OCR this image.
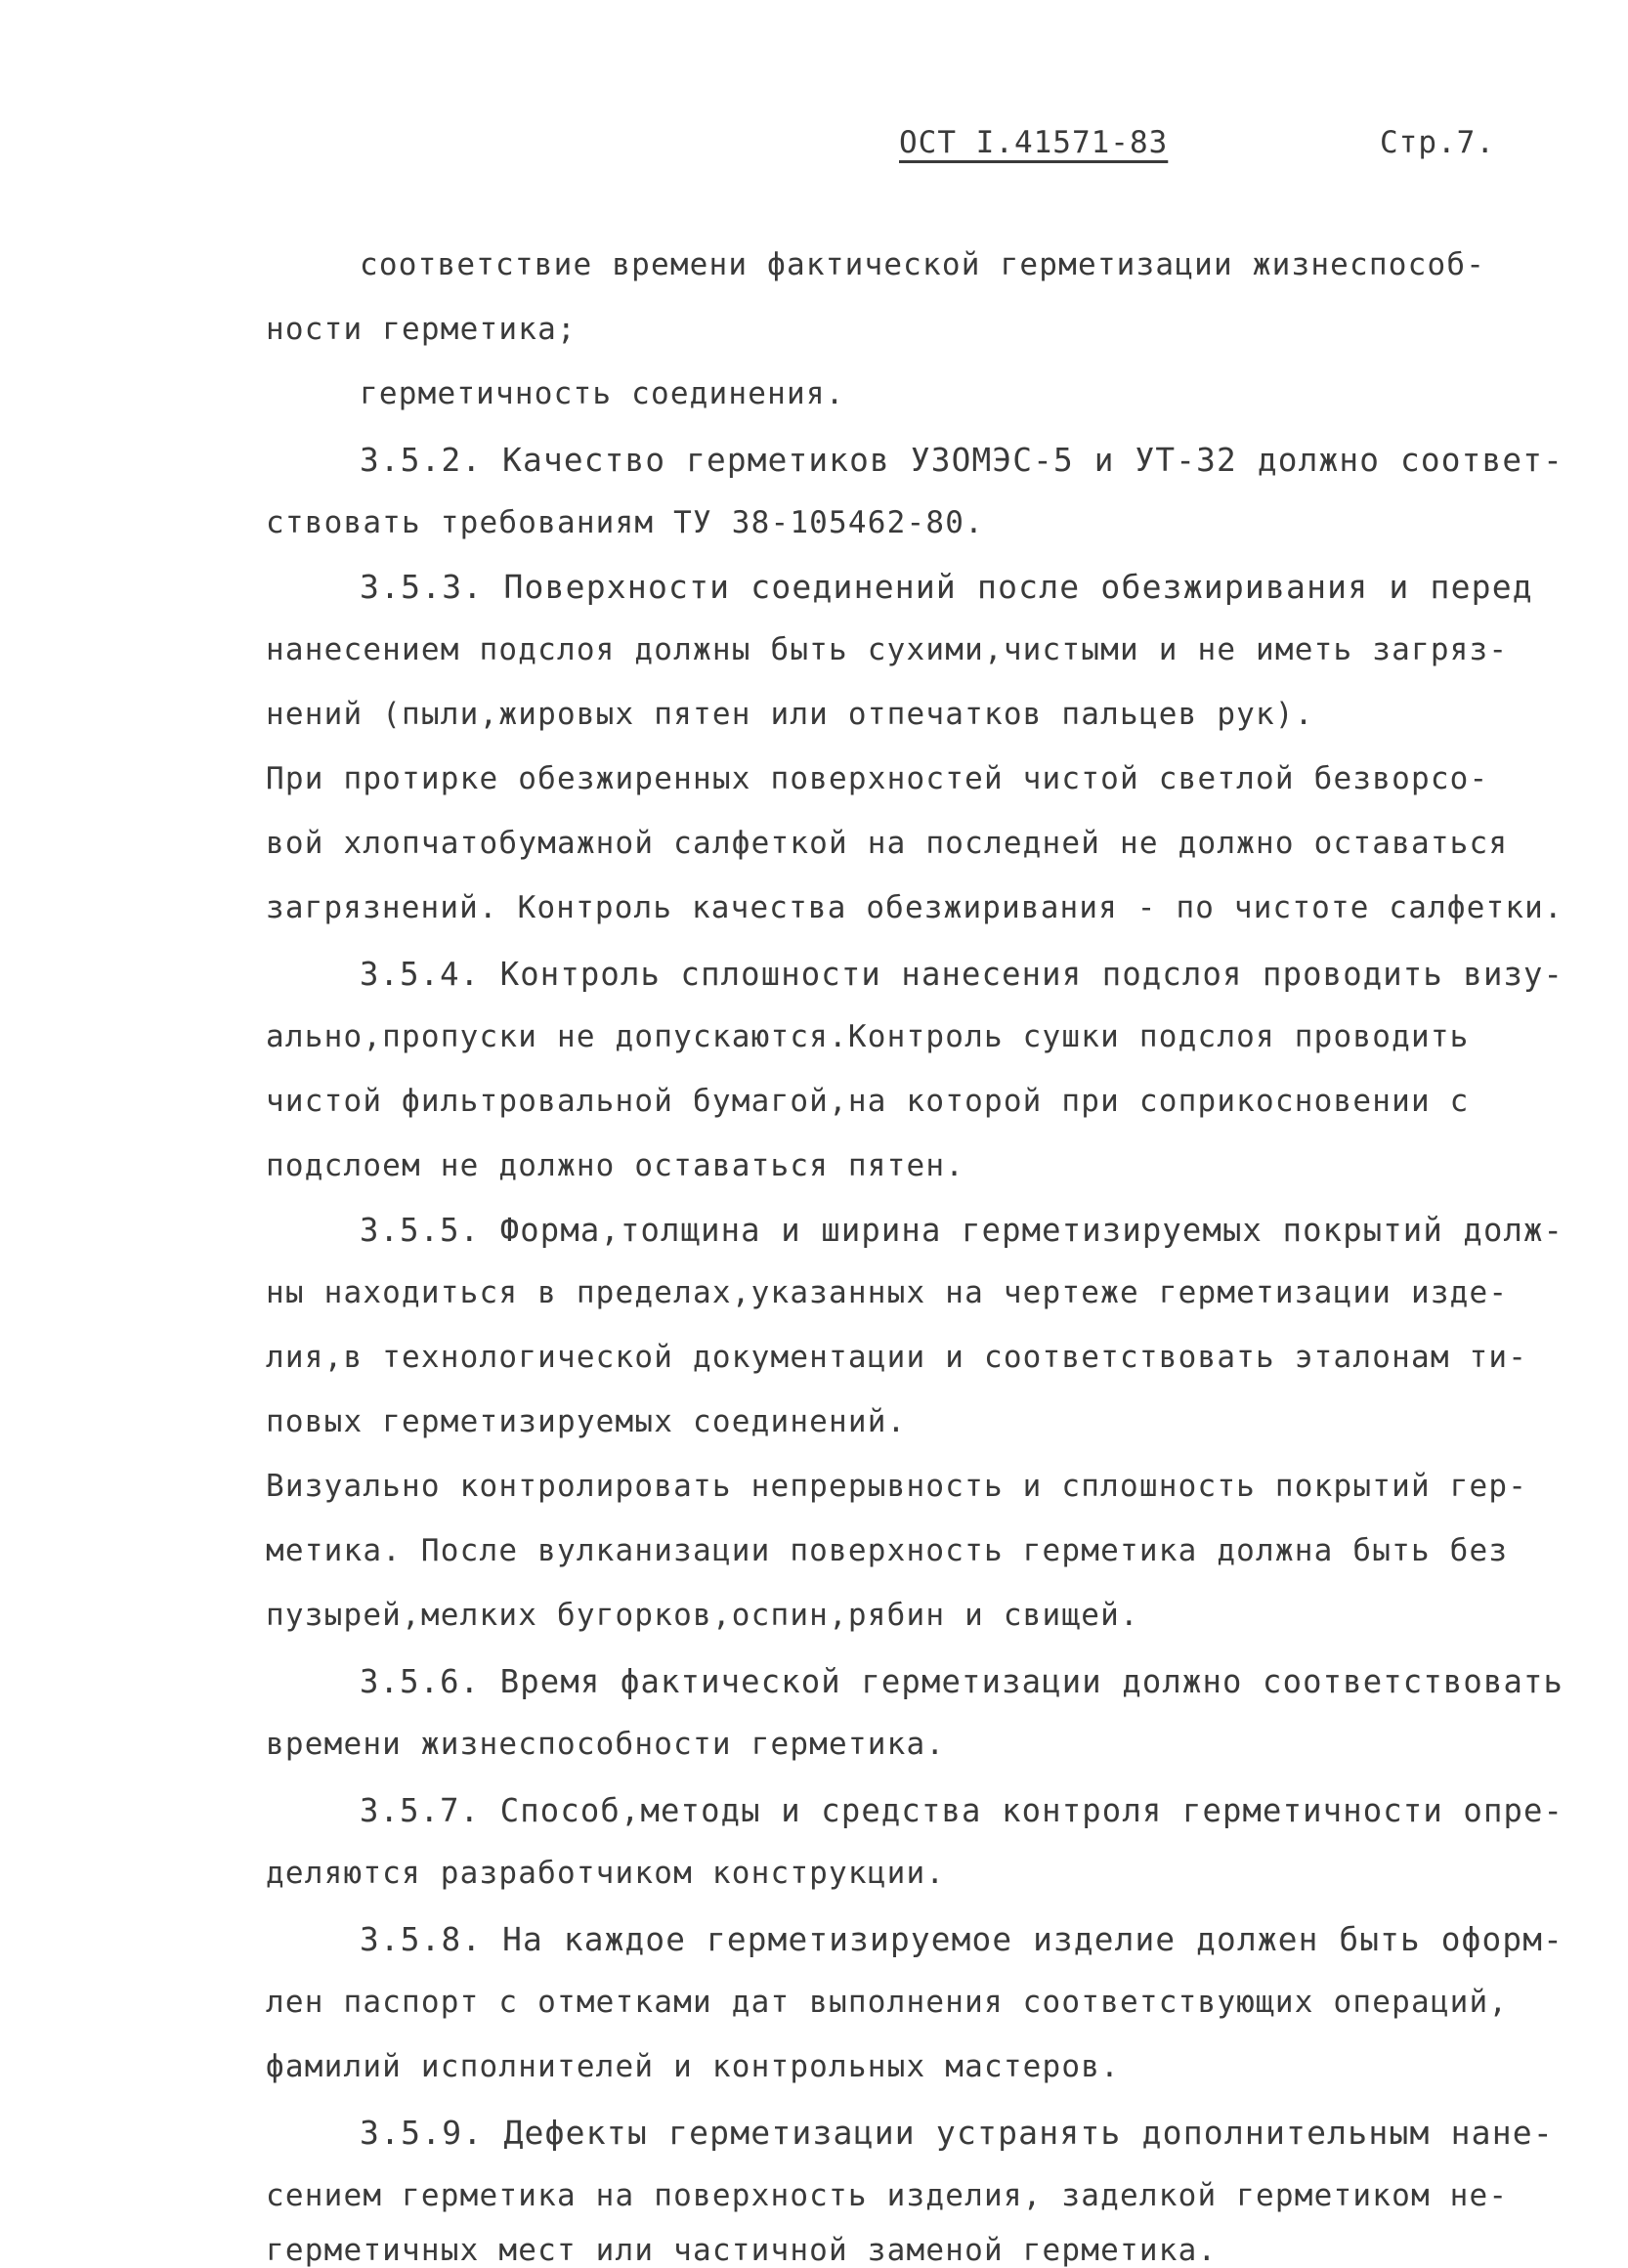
ОСТ I.41571-83	Стр.7.
соответствие времени фактической герметизации жизнеспособ-
ности герметика;
герметичность соединения.
3.5.2. Качество герметиков УЗОМЭС-5 и УТ-32 должно соответ-
ствовать требованиям ТУ 38-105462-80.
3.5.3. Поверхности соединений после обезжиривания и перед
нанесением подслоя должны быть сухими,чистыми и не иметь загряз-
нений (пыли,жировых пятен или отпечатков пальцев рук).
При протирке обезжиренных поверхностей чистой светлой безворсо-
вой хлопчатобумажной салфеткой на последней не должно оставаться
загрязнений. Контроль качества обезжиривания - по чистоте салфетки.
3.5.4. Контроль сплошности нанесения подслоя проводить визу-
ально,пропуски не допускаются.Контроль сушки подслоя проводить
чистой фильтровальной бумагой,на которой при соприкосновении с
подслоем не должно оставаться пятен.
3.5.5. Форма,толщина и ширина герметизируемых покрытий долж-
ны находиться в пределах,указанных на чертеже герметизации изде-
лия,в технологической документации и соответствовать эталонам ти-
повых герметизируемых соединений.
Визуально контролировать непрерывность и сплошность покрытий гер-
метика. После вулканизации поверхность герметика должна быть без
пузырей,мелких бугорков,оспин,рябин и свищей.
3.5.6. Время фактической герметизации должно соответствовать
времени жизнеспособности герметика.
3.5.7. Способ,методы и средства контроля герметичности опре-
деляются разработчиком конструкции.
3.5.8. На каждое герметизируемое изделие должен быть оформ-
лен паспорт с отметками дат выполнения соответствующих операций,
фамилий исполнителей и контрольных мастеров.
3.5.9. Дефекты герметизации устранять дополнительным нане-
сением герметика на поверхность изделия, заделкой герметиком не-
герметичных мест или частичной заменой герметика.
